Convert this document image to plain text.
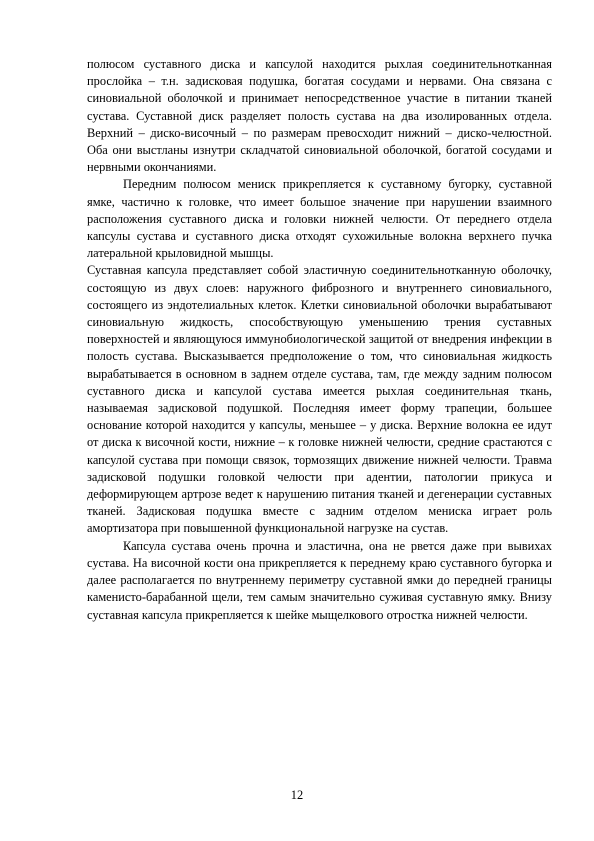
полюсом суставного диска и капсулой находится рыхлая соединительнотканная прослойка – т.н. задисковая подушка, богатая сосудами и нервами. Она связана с синовиальной оболочкой и принимает непосредственное участие в питании тканей сустава. Суставной диск разделяет полость сустава на два изолированных отдела. Верхний – диско-височный – по размерам превосходит нижний – диско-челюстной. Оба они выстланы изнутри складчатой синовиальной оболочкой, богатой сосудами и нервными окончаниями.

Передним полюсом мениск прикрепляется к суставному бугорку, суставной ямке, частично к головке, что имеет большое значение при нарушении взаимного расположения суставного диска и головки нижней челюсти. От переднего отдела капсулы сустава и суставного диска отходят сухожильные волокна верхнего пучка латеральной крыловидной мышцы.

Суставная капсула представляет собой эластичную соединительнотканную оболочку, состоящую из двух слоев: наружного фиброзного и внутреннего синовиального, состоящего из эндотелиальных клеток. Клетки синовиальной оболочки вырабатывают синовиальную жидкость, способствующую уменьшению трения суставных поверхностей и являющуюся иммунобиологической защитой от внедрения инфекции в полость сустава. Высказывается предположение о том, что синовиальная жидкость вырабатывается в основном в заднем отделе сустава, там, где между задним полюсом суставного диска и капсулой сустава имеется рыхлая соединительная ткань, называемая задисковой подушкой. Последняя имеет форму трапеции, большее основание которой находится у капсулы, меньшее – у диска. Верхние волокна ее идут от диска к височной кости, нижние – к головке нижней челюсти, средние срастаются с капсулой сустава при помощи связок, тормозящих движение нижней челюсти. Травма задисковой подушки головкой челюсти при адентии, патологии прикуса и деформирующем артрозе ведет к нарушению питания тканей и дегенерации суставных тканей. Задисковая подушка вместе с задним отделом мениска играет роль амортизатора при повышенной функциональной нагрузке на сустав.

Капсула сустава очень прочна и эластична, она не рвется даже при вывихах сустава. На височной кости она прикрепляется к переднему краю суставного бугорка и далее располагается по внутреннему периметру суставной ямки до передней границы каменисто-барабанной щели, тем самым значительно суживая суставную ямку. Внизу суставная капсула прикрепляется к шейке мыщелкового отростка нижней челюсти.

12
